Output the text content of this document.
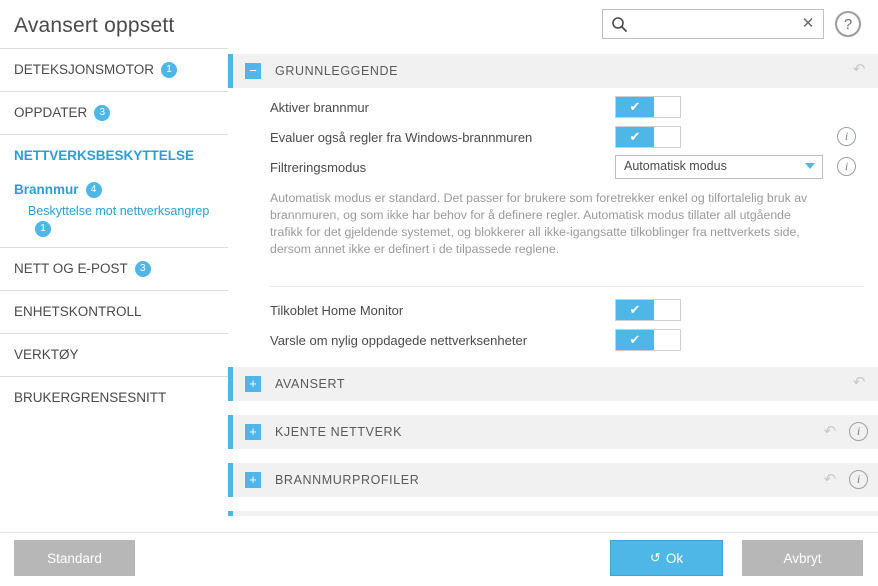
Avansert oppsett	✕	?
DETEKSJONSMOTOR	1
OPPDATER	3
NETTVERKSBESKYTTELSE
Brannmur	4
Beskyttelse mot nettverksangrep1
NETT OG E-POST	3
ENHETSKONTROLL
VERKTØY
BRUKERGRENSESNITT
−	GRUNNLEGGENDE	↶
Aktiver brannmur	✔
Evaluer også regler fra Windows-brannmuren	✔	i
Filtreringsmodus	Automatisk modus	i
Automatisk modus er standard. Det passer for brukere som foretrekker enkel og tilfortalelig bruk av brannmuren, og som ikke har behov for å definere regler. Automatisk modus tillater all utgående trafikk for det gjeldende systemet, og blokkerer all ikke-igangsatte tilkoblinger fra nettverkets side, dersom annet ikke er definert i de tilpassede reglene.
Tilkoblet Home Monitor	✔
Varsle om nylig oppdagede nettverksenheter	✔
+	AVANSERT	↶
+	KJENTE NETTVERK	↶	i
+	BRANNMURPROFILER	↶	i
Standard	↺ Ok	Avbryt
